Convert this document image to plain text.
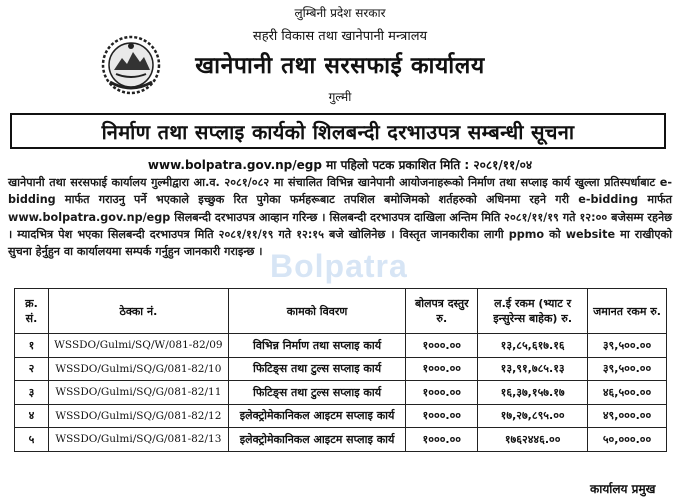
लुम्बिनी प्रदेश सरकार
सहरी विकास तथा खानेपानी मन्त्रालय
खानेपानी तथा सरसफाई कार्यालय
गुल्मी
निर्माण तथा सप्लाइ कार्यको शिलबन्दी दरभाउपत्र सम्बन्धी सूचना
www.bolpatra.gov.np/egp मा पहिलो पटक प्रकाशित मिति : २०८१/११/०४
खानेपानी तथा सरसफाई कार्यालय गुल्मीद्वारा आ.व. २०८१/०८२ मा संचालित विभिन्न खानेपानी आयोजनाहरूको निर्माण तथा सप्लाइ कार्य खुल्ला प्रतिस्पर्धाबाट e-bidding मार्फत गराउनु पर्ने भएकाले इच्छुक रित पुगेका फर्महरूबाट तपशिल बमोजिमको शर्तहरुको अधिनमा रहने गरी e-bidding मार्फत www.bolpatra.gov.np/egp सिलबन्दी दरभाउपत्र आव्हान गरिन्छ । सिलबन्दी दरभाउपत्र दाखिला अन्तिम मिति २०८१/११/१९ गते १२:०० बजेसम्म रहनेछ । म्यादभित्र पेश भएका सिलबन्दी दरभाउपत्र मिति २०८१/११/१९ गते १२:१५ बजे खोलिनेछ । विस्तृत जानकारीका लागी ppmo को website मा राखीएको सुचना हेर्नुहुन वा कार्यालयमा सम्पर्क गर्नुहुन जानकारी गराइन्छ । Bolpatra
क्र. सं.	ठेक्का नं.	कामको विवरण	बोलपत्र दस्तुर रु.	ल.ई रकम (भ्याट र इन्सुरेन्स बाहेक) रु.	जमानत रकम रु.
१	WSSDO/Gulmi/SQ/W/081-82/09	विभिन्न निर्माण तथा सप्लाइ कार्य	१०००.००	१३,८५,६१७.१६	३९,५००.००
२	WSSDO/Gulmi/SQ/G/081-82/10	फिटिङ्स तथा टुल्स सप्लाइ कार्य	१०००.००	१३,९१,७८५.१३	३९,५००.००
३	WSSDO/Gulmi/SQ/G/081-82/11	फिटिङ्स तथा टुल्स सप्लाइ कार्य	१०००.००	१६,३७,१५७.१७	४६,५००.००
४	WSSDO/Gulmi/SQ/G/081-82/12	इलेक्ट्रोमेकानिकल आइटम सप्लाइ कार्य	१०००.००	१७,२७,८९५.००	४९,०००.००
५	WSSDO/Gulmi/SQ/G/081-82/13	इलेक्ट्रोमेकानिकल आइटम सप्लाइ कार्य	१०००.००	१७६२४४६.००	५०,०००.००
कार्यालय प्रमुख
